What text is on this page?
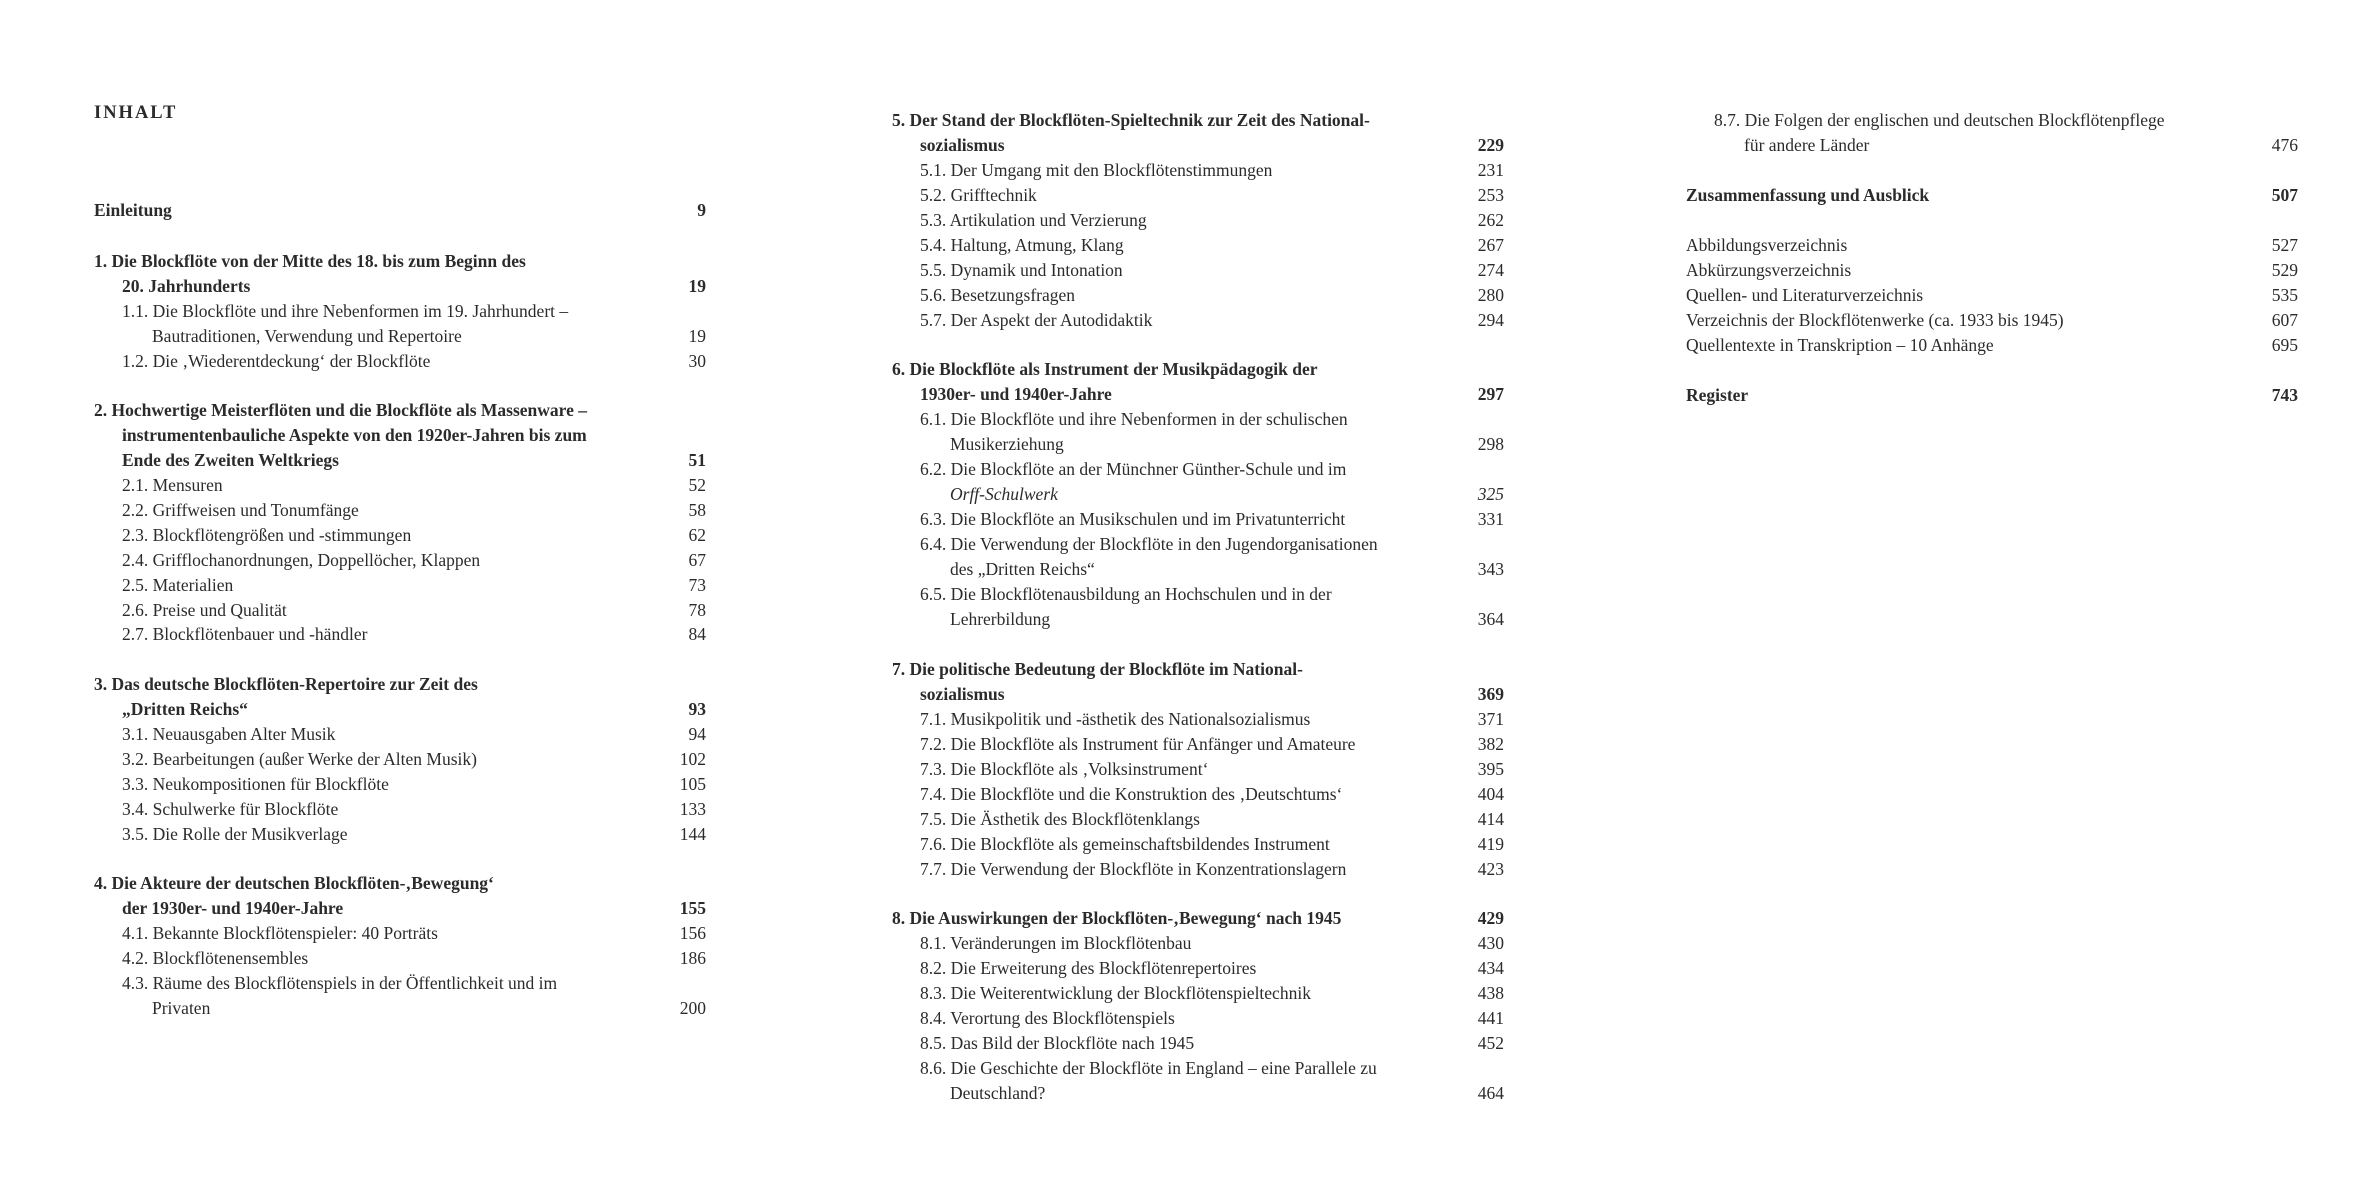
INHALT
Einleitung	9
1. Die Blockflöte von der Mitte des 18. bis zum Beginn des
20. Jahrhunderts	19
1.1. Die Blockflöte und ihre Nebenformen im 19. Jahrhundert –
Bautraditionen, Verwendung und Repertoire	19
1.2. Die ‚Wiederentdeckung‘ der Blockflöte	30
2. Hochwertige Meisterflöten und die Blockflöte als Massenware –
instrumentenbauliche Aspekte von den 1920er-Jahren bis zum
Ende des Zweiten Weltkriegs	51
2.1. Mensuren	52
2.2. Griffweisen und Tonumfänge	58
2.3. Blockflötengrößen und -stimmungen	62
2.4. Grifflochanordnungen, Doppellöcher, Klappen	67
2.5. Materialien	73
2.6. Preise und Qualität	78
2.7. Blockflötenbauer und -händler	84
3. Das deutsche Blockflöten-Repertoire zur Zeit des
„Dritten Reichs“	93
3.1. Neuausgaben Alter Musik	94
3.2. Bearbeitungen (außer Werke der Alten Musik)	102
3.3. Neukompositionen für Blockflöte	105
3.4. Schulwerke für Blockflöte	133
3.5. Die Rolle der Musikverlage	144
4. Die Akteure der deutschen Blockflöten-‚Bewegung‘
der 1930er- und 1940er-Jahre	155
4.1. Bekannte Blockflötenspieler: 40 Porträts	156
4.2. Blockflötenensembles	186
4.3. Räume des Blockflötenspiels in der Öffentlichkeit und im
Privaten	200
5. Der Stand der Blockflöten-Spieltechnik zur Zeit des National-
sozialismus	229
5.1. Der Umgang mit den Blockflötenstimmungen	231
5.2. Grifftechnik	253
5.3. Artikulation und Verzierung	262
5.4. Haltung, Atmung, Klang	267
5.5. Dynamik und Intonation	274
5.6. Besetzungsfragen	280
5.7. Der Aspekt der Autodidaktik	294
6. Die Blockflöte als Instrument der Musikpädagogik der
1930er- und 1940er-Jahre	297
6.1. Die Blockflöte und ihre Nebenformen in der schulischen
Musikerziehung	298
6.2. Die Blockflöte an der Münchner Günther-Schule und im
Orff-Schulwerk	325
6.3. Die Blockflöte an Musikschulen und im Privatunterricht	331
6.4. Die Verwendung der Blockflöte in den Jugendorganisationen
des „Dritten Reichs“	343
6.5. Die Blockflötenausbildung an Hochschulen und in der
Lehrerbildung	364
7. Die politische Bedeutung der Blockflöte im National-
sozialismus	369
7.1. Musikpolitik und -ästhetik des Nationalsozialismus	371
7.2. Die Blockflöte als Instrument für Anfänger und Amateure	382
7.3. Die Blockflöte als ‚Volksinstrument‘	395
7.4. Die Blockflöte und die Konstruktion des ‚Deutschtums‘	404
7.5. Die Ästhetik des Blockflötenklangs	414
7.6. Die Blockflöte als gemeinschaftsbildendes Instrument	419
7.7. Die Verwendung der Blockflöte in Konzentrationslagern	423
8. Die Auswirkungen der Blockflöten-‚Bewegung‘ nach 1945	429
8.1. Veränderungen im Blockflötenbau	430
8.2. Die Erweiterung des Blockflötenrepertoires	434
8.3. Die Weiterentwicklung der Blockflötenspieltechnik	438
8.4. Verortung des Blockflötenspiels	441
8.5. Das Bild der Blockflöte nach 1945	452
8.6. Die Geschichte der Blockflöte in England – eine Parallele zu
Deutschland?	464
8.7. Die Folgen der englischen und deutschen Blockflötenpflege
für andere Länder	476
Zusammenfassung und Ausblick	507
Abbildungsverzeichnis	527
Abkürzungsverzeichnis	529
Quellen- und Literaturverzeichnis	535
Verzeichnis der Blockflötenwerke (ca. 1933 bis 1945)	607
Quellentexte in Transkription – 10 Anhänge	695
Register	743
